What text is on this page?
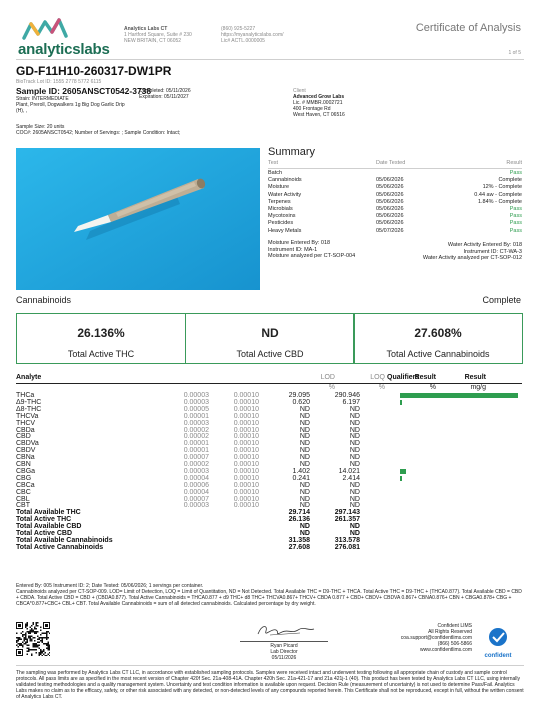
analyticslabs
Analytics Labs CT
1 Hartford Square, Suite # 230
NEW BRITAIN, CT 06052
(860) 925-5227
https://myanalyticslabs.com/
Lic# ACTL.0000005
Certificate of Analysis
1 of 5
GD-F11H10-260317-DW1PR
BioTrack Lot ID: 1555 2778 5772 6115
Sample ID: 2605ANSCT0542-3738
Completed: 05/11/2026
Expiration: 05/11/2027
Strain: INTERMEDIATE
Plant, Preroll, Dogwalkers 1g Big Dog Garlic Drip
(H), ,
Client
Advanced Grow Labs
Lic. # MMBR.0002721
400 Frontage Rd
West Haven, CT 06516
Sample Size: 20 units
COC#: 2605ANSCT0542; Number of Servings: ; Sample Condition: Intact;
Summary
Test	Date Tested	Result
Batch	Pass
Cannabinoids	05/06/2026	Complete
Moisture	05/06/2026	12% - Complete
Water Activity	05/06/2026	0.44 aw - Complete
Terpenes	05/06/2026	1.84% - Complete
Microbials	05/06/2026	Pass
Mycotoxins	05/06/2026	Pass
Pesticides	05/06/2026	Pass
Heavy Metals	05/07/2026	Pass
Moisture Entered By: 018
Instrument ID: MA-1
Moisture analyzed per CT-SOP-004
Water Activity Entered By: 018
Instrument ID: CT-WA-3
Water Activity analyzed per CT-SOP-012
Cannabinoids	Complete
26.136%
Total Active THC
ND
Total Active CBD
27.608%
Total Active Cannabinoids
Analyte	LOD	LOQ	Result	Result
Qualifiers
%	%	%	mg/g
THCa	0.00003	0.00010	29.095	290.946
Δ9-THC	0.00003	0.00010	0.620	6.197
Δ8-THC	0.00005	0.00010	ND	ND
THCVa	0.00001	0.00010	ND	ND
THCV	0.00003	0.00010	ND	ND
CBDa	0.00002	0.00010	ND	ND
CBD	0.00002	0.00010	ND	ND
CBDVa	0.00001	0.00010	ND	ND
CBDV	0.00001	0.00010	ND	ND
CBNa	0.00007	0.00010	ND	ND
CBN	0.00002	0.00010	ND	ND
CBGa	0.00003	0.00010	1.402	14.021
CBG	0.00004	0.00010	0.241	2.414
CBCa	0.00006	0.00010	ND	ND
CBC	0.00004	0.00010	ND	ND
CBL	0.00007	0.00010	ND	ND
CBT	0.00003	0.00010	ND	ND
Total Available THC	29.714	297.143
Total Active THC	26.136	261.357
Total Available CBD	ND	ND
Total Active CBD	ND	ND
Total Available Cannabinoids	31.358	313.578
Total Active Cannabinoids	27.608	276.081
Entered By: 005 Instrument ID: 2; Date Tested: 05/06/2026; 1 servings per container.
Cannabinoids analyzed per CT-SOP-009. LOD= Limit of Detection, LOQ = Limit of Quantitation, ND = Not Detected. Total Available THC = D9-THC + THCA. Total Active THC = D9-THC + (THCA0.877). Total Available CBD = CBD + CBDA. Total Active CBD = CBD + (CBDA0.877). Total Active Cannabinoids = THCA0.877 + d9 THC+ d8 THC+ THCVA0.867+ THCV+ CBDA 0.877 + CBD+ CBDV+ CBDVA 0.867+ CBNA0.876+ CBN + CBGA0.878+ CBG + CBCA*0.877+CBC+ CBL+ CBT. Total Available Cannabinoids = sum of all detected cannabinoids. Calculated percentage by dry weight.
Ryan Picard
Lab Director
05/11/2026
Confident LIMS
All Rights Reserved
coa.support@confidentlims.com
(866) 506-5866
www.confidentlims.com
confident
The sampling was performed by Analytics Labs CT LLC, in accordance with established sampling protocols. Samples were received intact and underwent testing following all appropriate chain of custody and sample control protocols. All pass limits are as specified in the most recent version of Chapter 420f Sec. 21a-408-41A. Chapter 420h Sec. 21a-421-17 and 21a 421j-1 (40). This product has been tested by Analytics Labs CT LLC, using internally validated testing methodologies and a quality management system. Uncertainty and test condition information is available upon request. Decision Rule (measurement of uncertainty) is not used to determine Pass/Fail. Analytics Labs makes no claim as to the efficacy, safety, or other risk associated with any detected, or non-detected levels of any compounds reported herein. This Certificate shall not be reproduced, except in full, without the written consent of Analytics Labs CT.
